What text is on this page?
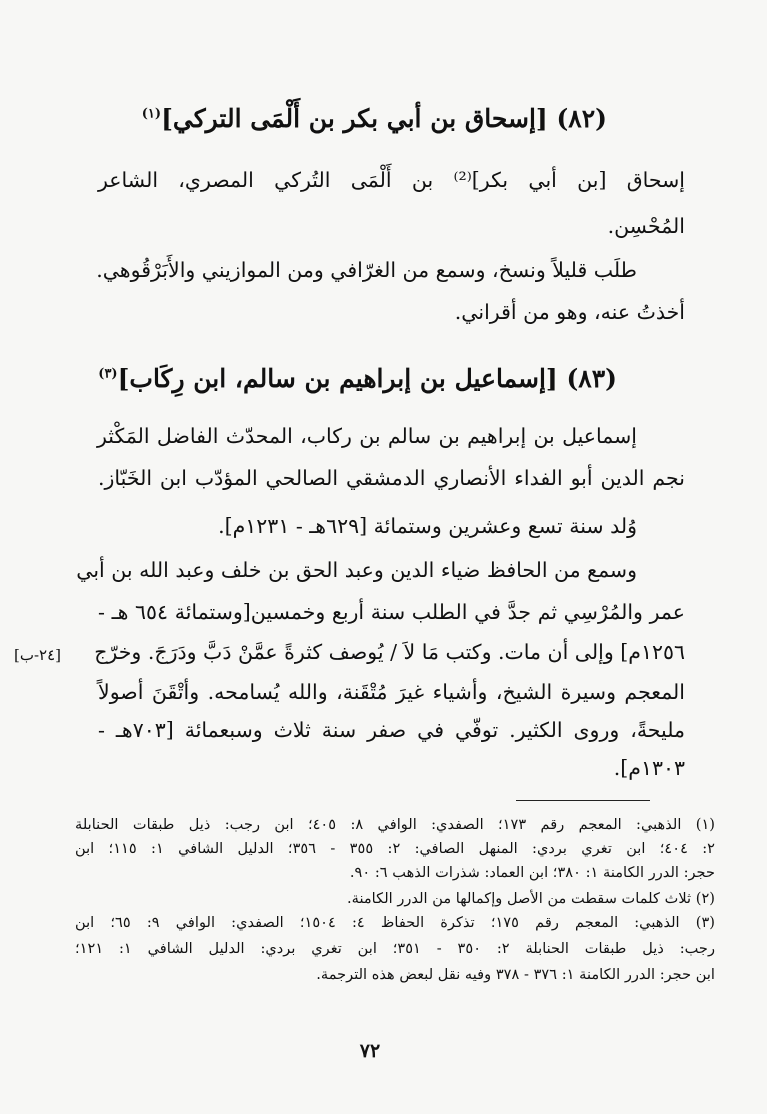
(٨٢) [إسحاق بن أبي بكر بن أَلْمَى التركي]$^{(١)}$
إسحاق [بن أبي بكر]⁽²⁾ بن أَلْمَى التُركي المصري، الشاعر
المُحْسِن.
طلَب قليلاً ونسخ، وسمع من الغرّافي ومن الموازيني والأَبَرْقُوهي.
أخذتُ عنه، وهو من أقراني.
(٨٣) [إسماعيل بن إبراهيم بن سالم، ابن رِكَاب]$^{(٣)}$
إسماعيل بن إبراهيم بن سالم بن ركاب، المحدّث الفاضل المَكْثر
نجم الدين أبو الفداء الأنصاري الدمشقي الصالحي المؤدّب ابن الخَبّاز.
وُلد سنة تسع وعشرين وستمائة [٦٢٩هـ - ١٢٣١م].
وسمع من الحافظ ضياء الدين وعبد الحق بن خلف وعبد الله بن أبي
عمر والمُرْسِي ثم جدَّ في الطلب سنة أربع وخمسين[وستمائة ٦٥٤ هـ -
١٢٥٦م] وإلى أن مات. وكتب مَا لاَ / يُوصف كثرةً عمَّنْ دَبَّ ودَرَجَ. وخرّج
المعجم وسيرة الشيخ، وأشياء غيرَ مُتْقَنة، والله يُسامحه. وأتْقَنَ أصولاً
مليحةً، وروى الكثير. توفّي في صفر سنة ثلاث وسبعمائة [٧٠٣هـ -
١٣٠٣م].
[٢٤-ب]
(١) الذهبي: المعجم رقم ١٧٣؛ الصفدي: الوافي ٨: ٤٠٥؛ ابن رجب: ذيل طبقات الحنابلة
٢: ٤٠٤؛ ابن تغري بردي: المنهل الصافي: ٢: ٣٥٥ - ٣٥٦؛ الدليل الشافي ١: ١١٥؛ ابن
حجر: الدرر الكامنة ١: ٣٨٠؛ ابن العماد: شذرات الذهب ٦: ٩٠.
(٢) ثلاث كلمات سقطت من الأصل وإكمالها من الدرر الكامنة.
(٣) الذهبي: المعجم رقم ١٧٥؛ تذكرة الحفاظ ٤: ١٥٠٤؛ الصفدي: الوافي ٩: ٦٥؛ ابن
رجب: ذيل طبقات الحنابلة ٢: ٣٥٠ - ٣٥١؛ ابن تغري بردي: الدليل الشافي ١: ١٢١؛
ابن حجر: الدرر الكامنة ١: ٣٧٦ - ٣٧٨ وفيه نقل لبعض هذه الترجمة.
٧٢
